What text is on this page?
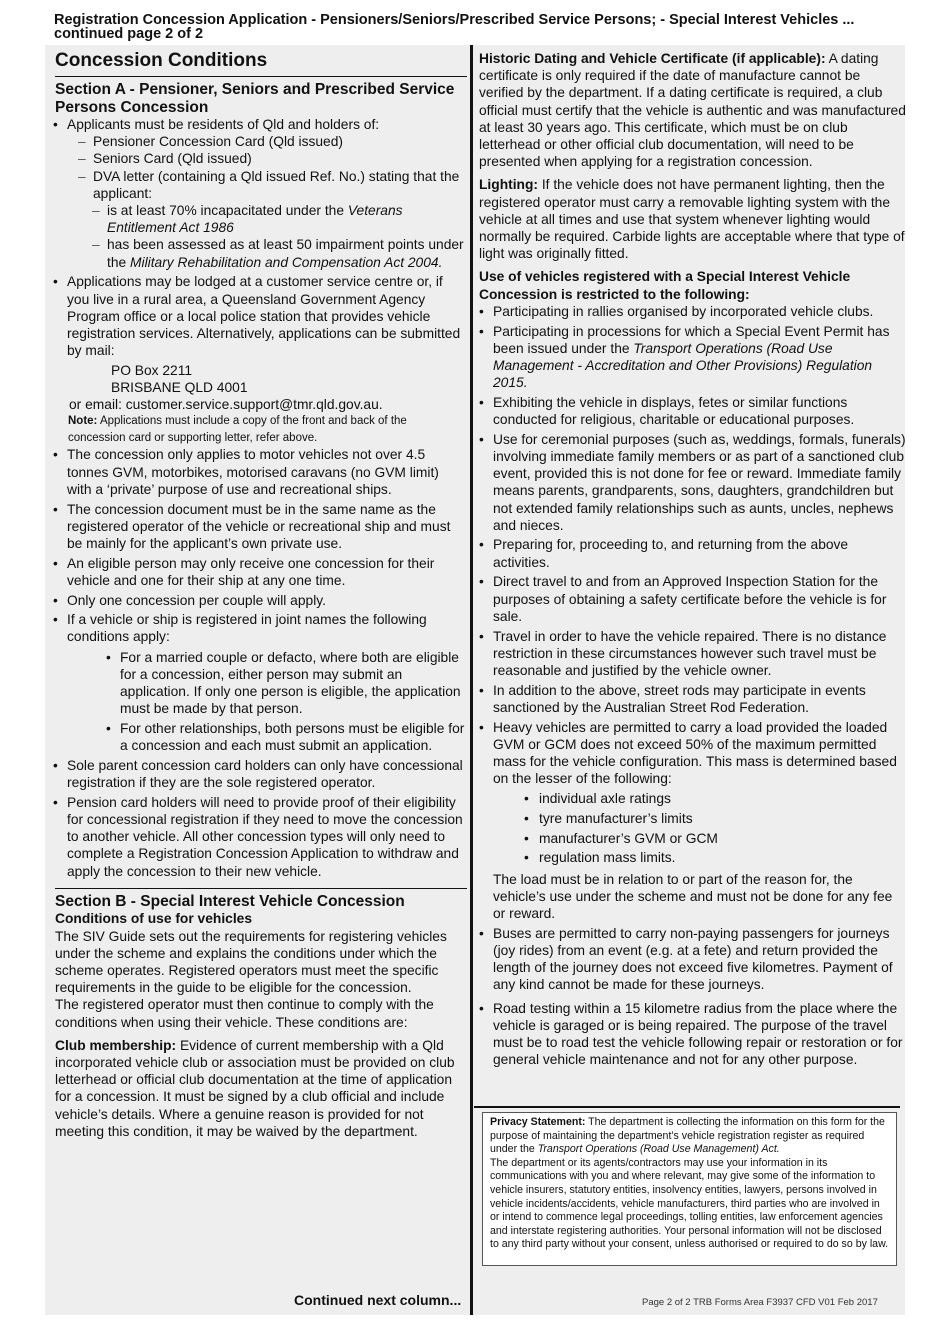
Registration Concession Application - Pensioners/Seniors/Prescribed Service Persons; - Special Interest Vehicles ...
continued page 2 of 2
Concession Conditions
Section A - Pensioner, Seniors and Prescribed Service Persons Concession
• Applicants must be residents of Qld and holders of:
– Pensioner Concession Card (Qld issued)
– Seniors Card (Qld issued)
– DVA letter (containing a Qld issued Ref. No.) stating that the applicant:
– is at least 70% incapacitated under the Veterans Entitlement Act 1986
– has been assessed as at least 50 impairment points under the Military Rehabilitation and Compensation Act 2004.
• Applications may be lodged at a customer service centre or, if you live in a rural area, a Queensland Government Agency Program office or a local police station that provides vehicle registration services. Alternatively, applications can be submitted by mail:
PO Box 2211
BRISBANE QLD 4001
or email: customer.service.support@tmr.qld.gov.au.
Note: Applications must include a copy of the front and back of the concession card or supporting letter, refer above.
• The concession only applies to motor vehicles not over 4.5 tonnes GVM, motorbikes, motorised caravans (no GVM limit) with a ‘private’ purpose of use and recreational ships.
• The concession document must be in the same name as the registered operator of the vehicle or recreational ship and must be mainly for the applicant’s own private use.
• An eligible person may only receive one concession for their vehicle and one for their ship at any one time.
• Only one concession per couple will apply.
• If a vehicle or ship is registered in joint names the following conditions apply:
• For a married couple or defacto, where both are eligible for a concession, either person may submit an application. If only one person is eligible, the application must be made by that person.
• For other relationships, both persons must be eligible for a concession and each must submit an application.
• Sole parent concession card holders can only have concessional registration if they are the sole registered operator.
• Pension card holders will need to provide proof of their eligibility for concessional registration if they need to move the concession to another vehicle. All other concession types will only need to complete a Registration Concession Application to withdraw and apply the concession to their new vehicle.
Section B - Special Interest Vehicle Concession
Conditions of use for vehicles

The SIV Guide sets out the requirements for registering vehicles under the scheme and explains the conditions under which the scheme operates. Registered operators must meet the specific requirements in the guide to be eligible for the concession.

The registered operator must then continue to comply with the conditions when using their vehicle. These conditions are:

Club membership: Evidence of current membership with a Qld incorporated vehicle club or association must be provided on club letterhead or official club documentation at the time of application for a concession. It must be signed by a club official and include vehicle’s details. Where a genuine reason is provided for not meeting this condition, it may be waived by the department.

Continued next column...

Historic Dating and Vehicle Certificate (if applicable): A dating certificate is only required if the date of manufacture cannot be verified by the department. If a dating certificate is required, a club official must certify that the vehicle is authentic and was manufactured at least 30 years ago. This certificate, which must be on club letterhead or other official club documentation, will need to be presented when applying for a registration concession.

Lighting: If the vehicle does not have permanent lighting, then the registered operator must carry a removable lighting system with the vehicle at all times and use that system whenever lighting would normally be required. Carbide lights are acceptable where that type of light was originally fitted.

Use of vehicles registered with a Special Interest Vehicle Concession is restricted to the following:

• Participating in rallies organised by incorporated vehicle clubs.
• Participating in processions for which a Special Event Permit has been issued under the Transport Operations (Road Use Management - Accreditation and Other Provisions) Regulation 2015.
• Exhibiting the vehicle in displays, fetes or similar functions conducted for religious, charitable or educational purposes.
• Use for ceremonial purposes (such as, weddings, formals, funerals) involving immediate family members or as part of a sanctioned club event, provided this is not done for fee or reward. Immediate family means parents, grandparents, sons, daughters, grandchildren but not extended family relationships such as aunts, uncles, nephews and nieces.
• Preparing for, proceeding to, and returning from the above activities.
• Direct travel to and from an Approved Inspection Station for the purposes of obtaining a safety certificate before the vehicle is for sale.
• Travel in order to have the vehicle repaired. There is no distance restriction in these circumstances however such travel must be reasonable and justified by the vehicle owner.
• In addition to the above, street rods may participate in events sanctioned by the Australian Street Rod Federation.
• Heavy vehicles are permitted to carry a load provided the loaded GVM or GCM does not exceed 50% of the maximum permitted mass for the vehicle configuration. This mass is determined based on the lesser of the following:
• individual axle ratings
• tyre manufacturer’s limits
• manufacturer’s GVM or GCM
• regulation mass limits.

The load must be in relation to or part of the reason for, the vehicle’s use under the scheme and must not be done for any fee or reward.

• Buses are permitted to carry non-paying passengers for journeys (joy rides) from an event (e.g. at a fete) and return provided the length of the journey does not exceed five kilometres. Payment of any kind cannot be made for these journeys.
• Road testing within a 15 kilometre radius from the place where the vehicle is garaged or is being repaired. The purpose of the travel must be to road test the vehicle following repair or restoration or for general vehicle maintenance and not for any other purpose.
Privacy Statement: The department is collecting the information on this form for the purpose of maintaining the department’s vehicle registration register as required under the Transport Operations (Road Use Management) Act.
The department or its agents/contractors may use your information in its communications with you and where relevant, may give some of the information to vehicle insurers, statutory entities, insolvency entities, lawyers, persons involved in vehicle incidents/accidents, vehicle manufacturers, third parties who are involved in or intend to commence legal proceedings, tolling entities, law enforcement agencies and interstate registering authorities. Your personal information will not be disclosed to any third party without your consent, unless authorised or required to do so by law.
Page 2 of 2 TRB Forms Area F3937 CFD V01 Feb 2017
